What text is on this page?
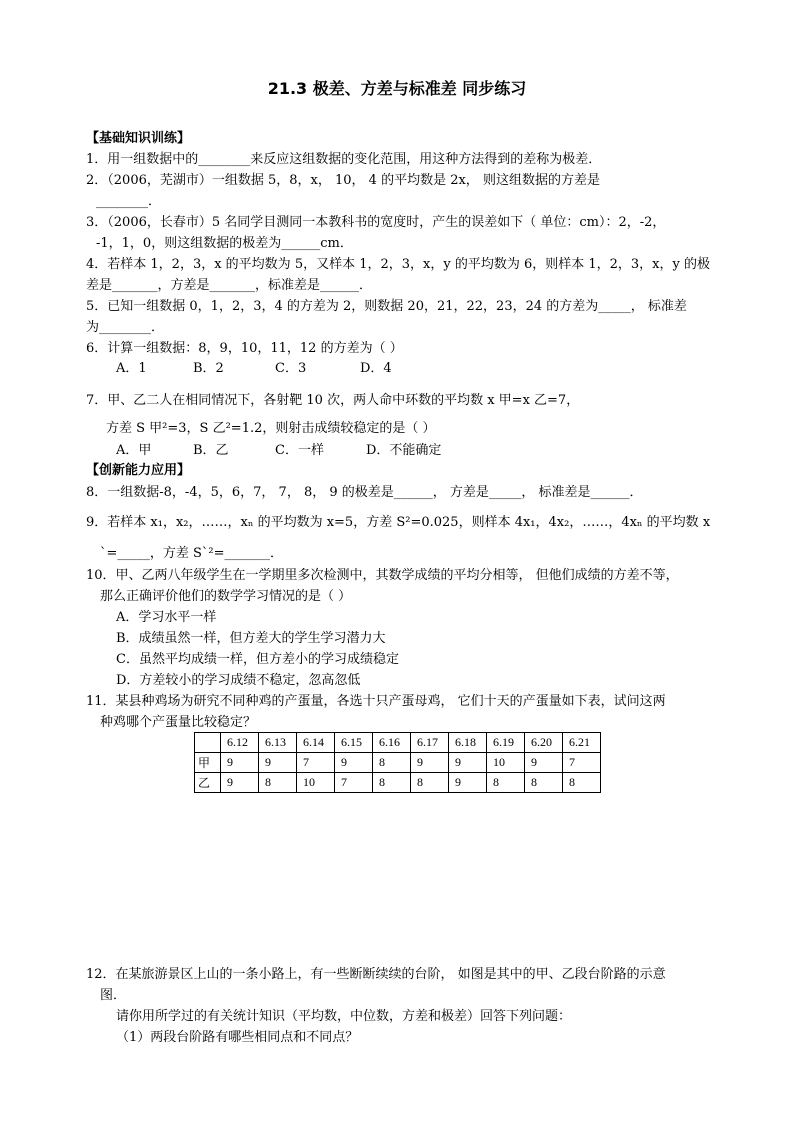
21.3 极差、方差与标准差 同步练习
【基础知识训练】
1．用一组数据中的________来反应这组数据的变化范围，用这种方法得到的差称为极差．
2．（2006，芜湖市）一组数据 5，8，x， 10， 4 的平均数是 2x， 则这组数据的方差是
________．
3．（2006，长春市）5 名同学目测同一本教科书的宽度时，产生的误差如下（ 单位：cm）：2，-2，
-1，1，0，则这组数据的极差为______cm．
4．若样本 1，2，3，x 的平均数为 5，又样本 1，2，3，x，y 的平均数为 6，则样本 1，2，3，x，y 的极
差是_______，方差是_______，标准差是______．
5．已知一组数据 0，1，2，3，4 的方差为 2，则数据 20，21，22，23，24 的方差为_____， 标准差
为________．
6．计算一组数据：8，9，10，11，12 的方差为（ ）
A．1	B．2	C．3	D．4
7．甲、乙二人在相同情况下，各射靶 10 次，两人命中环数的平均数 x 甲=x 乙=7，
方差 S 甲²=3，S 乙²=1.2，则射击成绩较稳定的是（ ）
A．甲	B．乙	C．一样	D．不能确定
【创新能力应用】
8．一组数据-8，-4，5，6，7， 7， 8， 9 的极差是______， 方差是_____， 标准差是______．
9．若样本 x₁，x₂，……，xₙ 的平均数为 x=5，方差 S²=0.025，则样本 4x₁，4x₂，……，4xₙ 的平均数 x
`=_____，方差 S`²=_______．
10．甲、乙两八年级学生在一学期里多次检测中，其数学成绩的平均分相等， 但他们成绩的方差不等，
那么正确评价他们的数学学习情况的是（ ）
A．学习水平一样
B．成绩虽然一样，但方差大的学生学习潜力大
C．虽然平均成绩一样，但方差小的学习成绩稳定
D．方差较小的学习成绩不稳定，忽高忽低
11．某县种鸡场为研究不同种鸡的产蛋量，各选十只产蛋母鸡， 它们十天的产蛋量如下表，试问这两
种鸡哪个产蛋量比较稳定？
	6.12	6.13	6.14	6.15	6.16	6.17	6.18	6.19	6.20	6.21
甲	9	9	7	9	8	9	9	10	9	7
乙	9	8	10	7	8	8	9	8	8	8
12．在某旅游景区上山的一条小路上，有一些断断续续的台阶， 如图是其中的甲、乙段台阶路的示意
图．
请你用所学过的有关统计知识（平均数，中位数，方差和极差）回答下列问题：
（1）两段台阶路有哪些相同点和不同点？
